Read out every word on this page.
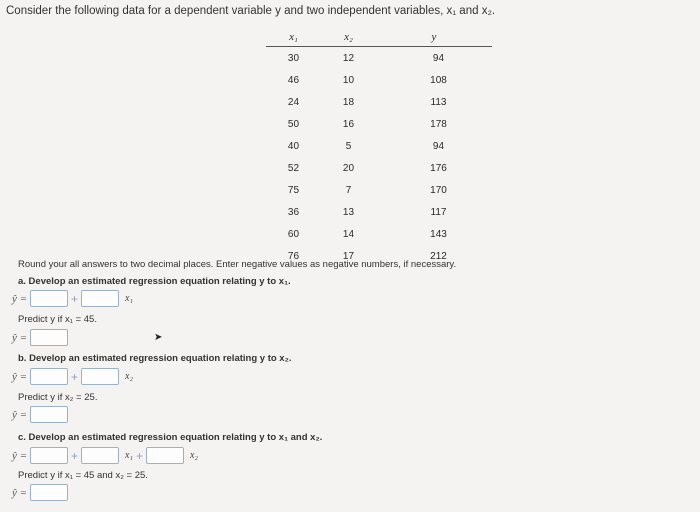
Consider the following data for a dependent variable y and two independent variables, x₁ and x₂.
x₁	x₂	y
30	12	94
46	10	108
24	18	113
50	16	178
40	5	94
52	20	176
75	7	170
36	13	117
60	14	143
76	17	212
Round your all answers to two decimal places. Enter negative values as negative numbers, if necessary.
a. Develop an estimated regression equation relating y to x₁.
ŷ =	+	x₁
Predict y if x₁ = 45.
ŷ =	➤
b. Develop an estimated regression equation relating y to x₂.
ŷ =	+	x₂
Predict y if x₂ = 25.
ŷ =
c. Develop an estimated regression equation relating y to x₁ and x₂.
ŷ =	+	x₁ +	x₂
Predict y if x₁ = 45 and x₂ = 25.
ŷ =
